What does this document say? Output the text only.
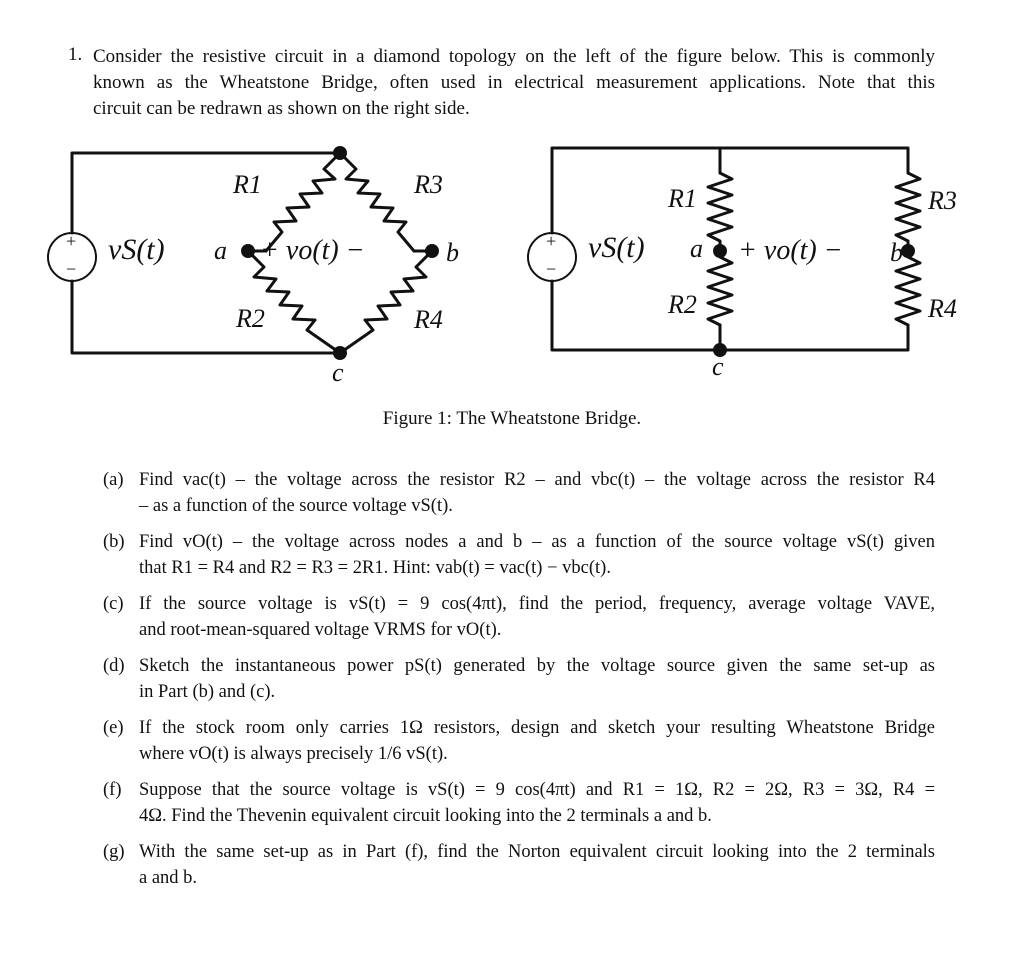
1. Consider the resistive circuit in a diamond topology on the left of the figure below. This is commonly
known as the Wheatstone Bridge, often used in electrical measurement applications. Note that this
circuit can be redrawn as shown on the right side.
+
−
vS(t)
R1	R3
R2	R4
a	b
c
+ vo(t) −	+
−
vS(t)
R1
R2
R3
R4
a	b
c
+ vo(t) −
Figure 1: The Wheatstone Bridge.
(a) Find vac(t) – the voltage across the resistor R2 – and vbc(t) – the voltage across the resistor R4
– as a function of the source voltage vS(t).
(b) Find vO(t) – the voltage across nodes a and b – as a function of the source voltage vS(t) given
that R1 = R4 and R2 = R3 = 2R1. Hint: vab(t) = vac(t) − vbc(t).
(c) If the source voltage is vS(t) = 9 cos(4πt), find the period, frequency, average voltage VAVE,
and root-mean-squared voltage VRMS for vO(t).
(d) Sketch the instantaneous power pS(t) generated by the voltage source given the same set-up as
in Part (b) and (c).
(e) If the stock room only carries 1Ω resistors, design and sketch your resulting Wheatstone Bridge
where vO(t) is always precisely 1/6 vS(t).
(f) Suppose that the source voltage is vS(t) = 9 cos(4πt) and R1 = 1Ω, R2 = 2Ω, R3 = 3Ω, R4 =
4Ω. Find the Thevenin equivalent circuit looking into the 2 terminals a and b.
(g) With the same set-up as in Part (f), find the Norton equivalent circuit looking into the 2 terminals
a and b.
